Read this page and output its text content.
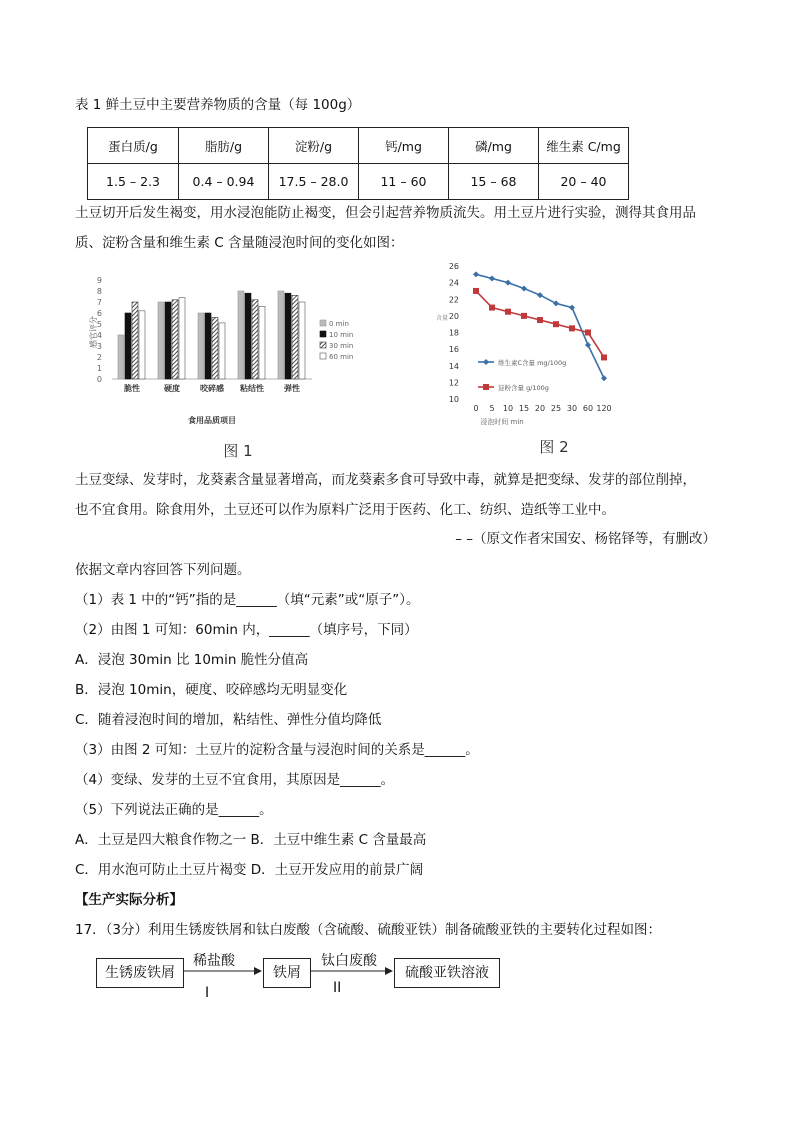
表 1 鲜土豆中主要营养物质的含量（每 100g）
蛋白质/g	脂肪/g	淀粉/g	钙/mg	磷/mg	维生素 C/mg
1.5 – 2.3	0.4 – 0.94	17.5 – 28.0	11 – 60	15 – 68	20 – 40
土豆切开后发生褐变，用水浸泡能防止褐变，但会引起营养物质流失。用土豆片进行实验，测得其食用品
质、淀粉含量和维生素 C 含量随浸泡时间的变化如图：
0
1
2
3
4
5
6
7
8
9
感官评分
脆性	硬度	咬碎感 粘结性	弹性
食用品质项目
0 min
10 min
30 min
60 min
图 1
10
12
14
16
18
20
22
24
26
0 5 10 15 20 25 30 60 120
含量
浸泡时间 min
维生素C含量 mg/100g
淀粉含量 g/100g
图 2
土豆变绿、发芽时，龙葵素含量显著增高，而龙葵素多食可导致中毒，就算是把变绿、发芽的部位削掉，
也不宜食用。除食用外，土豆还可以作为原料广泛用于医药、化工、纺织、造纸等工业中。
– –（原文作者宋国安、杨铭铎等，有删改）
依据文章内容回答下列问题。
（1）表 1 中的“钙”指的是______（填“元素”或“原子”）。
（2）由图 1 可知：60min 内，______（填序号，下同）
A．浸泡 30min 比 10min 脆性分值高
B．浸泡 10min，硬度、咬碎感均无明显变化
C．随着浸泡时间的增加，粘结性、弹性分值均降低
（3）由图 2 可知：土豆片的淀粉含量与浸泡时间的关系是______。
（4）变绿、发芽的土豆不宜食用，其原因是______。
（5）下列说法正确的是______。
A．土豆是四大粮食作物之一 B．土豆中维生素 C 含量最高
C．用水泡可防止土豆片褐变 D．土豆开发应用的前景广阔
【生产实际分析】
17．（3分）利用生锈废铁屑和钛白废酸（含硫酸、硫酸亚铁）制备硫酸亚铁的主要转化过程如图：
生锈废铁屑
稀盐酸
I
铁屑
钛白废酸
II
硫酸亚铁溶液
